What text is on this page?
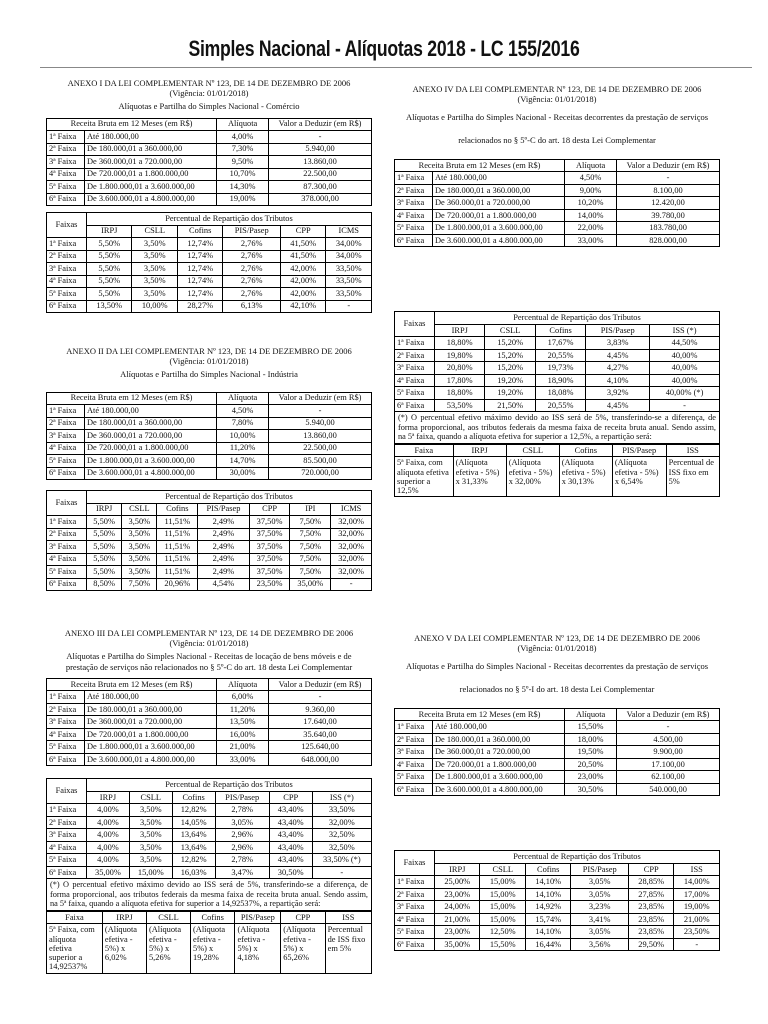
Simples Nacional - Alíquotas 2018 - LC 155/2016
ANEXO I DA LEI COMPLEMENTAR Nº 123, DE 14 DE DEZEMBRO DE 2006
(Vigência: 01/01/2018)
Alíquotas e Partilha do Simples Nacional - Comércio
Receita Bruta em 12 Meses (em R$)		Alíquota	Valor a Deduzir (em R$)
1ª Faixa	Até 180.000,00	4,00%	-
2ª Faixa	De 180.000,01 a 360.000,00	7,30%	5.940,00
3ª Faixa	De 360.000,01 a 720.000,00	9,50%	13.860,00
4ª Faixa	De 720.000,01 a 1.800.000,00	10,70%	22.500,00
5ª Faixa	De 1.800.000,01 a 3.600.000,00	14,30%	87.300,00
6ª Faixa	De 3.600.000,01 a 4.800.000,00	19,00%	378.000,00
Faixas	Percentual de Repartição dos Tributos					
	IRPJ	CSLL	Cofins	PIS/Pasep	CPP	ICMS
1ª Faixa	5,50%	3,50%	12,74%	2,76%	41,50%	34,00%
2ª Faixa	5,50%	3,50%	12,74%	2,76%	41,50%	34,00%
3ª Faixa	5,50%	3,50%	12,74%	2,76%	42,00%	33,50%
4ª Faixa	5,50%	3,50%	12,74%	2,76%	42,00%	33,50%
5ª Faixa	5,50%	3,50%	12,74%	2,76%	42,00%	33,50%
6ª Faixa	13,50%	10,00%	28,27%	6,13%	42,10%	-
ANEXO II DA LEI COMPLEMENTAR Nº 123, DE 14 DE DEZEMBRO DE 2006
(Vigência: 01/01/2018)
Alíquotas e Partilha do Simples Nacional - Indústria
Receita Bruta em 12 Meses (em R$)		Alíquota	Valor a Deduzir (em R$)
1ª Faixa	Até 180.000,00	4,50%	-
2ª Faixa	De 180.000,01 a 360.000,00	7,80%	5.940,00
3ª Faixa	De 360.000,01 a 720.000,00	10,00%	13.860,00
4ª Faixa	De 720.000,01 a 1.800.000,00	11,20%	22.500,00
5ª Faixa	De 1.800.000,01 a 3.600.000,00	14,70%	85.500,00
6ª Faixa	De 3.600.000,01 a 4.800.000,00	30,00%	720.000,00
Faixas	Percentual de Repartição dos Tributos						
	IRPJ	CSLL	Cofins	PIS/Pasep	CPP	IPI	ICMS
1ª Faixa	5,50%	3,50%	11,51%	2,49%	37,50%	7,50%	32,00%
2ª Faixa	5,50%	3,50%	11,51%	2,49%	37,50%	7,50%	32,00%
3ª Faixa	5,50%	3,50%	11,51%	2,49%	37,50%	7,50%	32,00%
4ª Faixa	5,50%	3,50%	11,51%	2,49%	37,50%	7,50%	32,00%
5ª Faixa	5,50%	3,50%	11,51%	2,49%	37,50%	7,50%	32,00%
6ª Faixa	8,50%	7,50%	20,96%	4,54%	23,50%	35,00%	-
ANEXO III DA LEI COMPLEMENTAR Nº 123, DE 14 DE DEZEMBRO DE 2006
(Vigência: 01/01/2018)
Alíquotas e Partilha do Simples Nacional - Receitas de locação de bens móveis e de prestação de serviços não relacionados no § 5º-C do art. 18 desta Lei Complementar
Receita Bruta em 12 Meses (em R$)		Alíquota	Valor a Deduzir (em R$)
1ª Faixa	Até 180.000,00	6,00%	-
2ª Faixa	De 180.000,01 a 360.000,00	11,20%	9.360,00
3ª Faixa	De 360.000,01 a 720.000,00	13,50%	17.640,00
4ª Faixa	De 720.000,01 a 1.800.000,00	16,00%	35.640,00
5ª Faixa	De 1.800.000,01 a 3.600.000,00	21,00%	125.640,00
6ª Faixa	De 3.600.000,01 a 4.800.000,00	33,00%	648.000,00
Faixas	Percentual de Repartição dos Tributos					
	IRPJ	CSLL	Cofins	PIS/Pasep	CPP	ISS (*)
1ª Faixa	4,00%	3,50%	12,82%	2,78%	43,40%	33,50%
2ª Faixa	4,00%	3,50%	14,05%	3,05%	43,40%	32,00%
3ª Faixa	4,00%	3,50%	13,64%	2,96%	43,40%	32,50%
4ª Faixa	4,00%	3,50%	13,64%	2,96%	43,40%	32,50%
5ª Faixa	4,00%	3,50%	12,82%	2,78%	43,40%	33,50% (*)
6ª Faixa	35,00%	15,00%	16,03%	3,47%	30,50%	-
(*) O percentual efetivo máximo devido ao ISS será de 5%, transferindo-se a diferença, de forma proporcional, aos tributos federais da mesma faixa de receita bruta anual. Sendo assim, na 5ª faixa, quando a alíquota efetiva for superior a 14,92537%, a repartição será:
Faixa	IRPJ	CSLL	Cofins	PIS/Pasep	CPP	ISS
5ª Faixa, com alíquota efetiva superior a 14,92537%	(Alíquota efetiva - 5%) x 6,02%	(Alíquota efetiva - 5%) x 5,26%	(Alíquota efetiva - 5%) x 19,28%	(Alíquota efetiva - 5%) x 4,18%	(Alíquota efetiva - 5%) x 65,26%	Percentual de ISS fixo em 5%
ANEXO IV DA LEI COMPLEMENTAR Nº 123, DE 14 DE DEZEMBRO DE 2006
(Vigência: 01/01/2018)
Alíquotas e Partilha do Simples Nacional - Receitas decorrentes da prestação de serviços
relacionados no § 5º-C do art. 18 desta Lei Complementar
Receita Bruta em 12 Meses (em R$)		Alíquota	Valor a Deduzir (em R$)
1ª Faixa	Até 180.000,00	4,50%	-
2ª Faixa	De 180.000,01 a 360.000,00	9,00%	8.100,00
3ª Faixa	De 360.000,01 a 720.000,00	10,20%	12.420,00
4ª Faixa	De 720.000,01 a 1.800.000,00	14,00%	39.780,00
5ª Faixa	De 1.800.000,01 a 3.600.000,00	22,00%	183.780,00
6ª Faixa	De 3.600.000,01 a 4.800.000,00	33,00%	828.000,00
Faixas	Percentual de Repartição dos Tributos				
	IRPJ	CSLL	Cofins	PIS/Pasep	ISS (*)
1ª Faixa	18,80%	15,20%	17,67%	3,83%	44,50%
2ª Faixa	19,80%	15,20%	20,55%	4,45%	40,00%
3ª Faixa	20,80%	15,20%	19,73%	4,27%	40,00%
4ª Faixa	17,80%	19,20%	18,90%	4,10%	40,00%
5ª Faixa	18,80%	19,20%	18,08%	3,92%	40,00% (*)
6ª Faixa	53,50%	21,50%	20,55%	4,45%	-
(*) O percentual efetivo máximo devido ao ISS será de 5%, transferindo-se a diferença, de forma proporcional, aos tributos federais da mesma faixa de receita bruta anual. Sendo assim, na 5ª faixa, quando a alíquota efetiva for superior a 12,5%, a repartição será:
Faixa	IRPJ	CSLL	Cofins	PIS/Pasep	ISS
5ª Faixa, com alíquota efetiva superior a 12,5%	(Alíquota efetiva - 5%) x 31,33%	(Alíquota efetiva - 5%) x 32,00%	(Alíquota efetiva - 5%) x 30,13%	(Alíquota efetiva - 5%) x 6,54%	Percentual de ISS fixo em 5%
ANEXO V DA LEI COMPLEMENTAR Nº 123, DE 14 DE DEZEMBRO DE 2006
(Vigência: 01/01/2018)
Alíquotas e Partilha do Simples Nacional - Receitas decorrentes da prestação de serviços
relacionados no § 5º-I do art. 18 desta Lei Complementar
Receita Bruta em 12 Meses (em R$)		Alíquota	Valor a Deduzir (em R$)
1ª Faixa	Até 180.000,00	15,50%	-
2ª Faixa	De 180.000,01 a 360.000,00	18,00%	4.500,00
3ª Faixa	De 360.000,01 a 720.000,00	19,50%	9.900,00
4ª Faixa	De 720.000,01 a 1.800.000,00	20,50%	17.100,00
5ª Faixa	De 1.800.000,01 a 3.600.000,00	23,00%	62.100,00
6ª Faixa	De 3.600.000,01 a 4.800.000,00	30,50%	540.000,00
Faixas	Percentual de Repartição dos Tributos					
	IRPJ	CSLL	Cofins	PIS/Pasep	CPP	ISS
1ª Faixa	25,00%	15,00%	14,10%	3,05%	28,85%	14,00%
2ª Faixa	23,00%	15,00%	14,10%	3,05%	27,85%	17,00%
3ª Faixa	24,00%	15,00%	14,92%	3,23%	23,85%	19,00%
4ª Faixa	21,00%	15,00%	15,74%	3,41%	23,85%	21,00%
5ª Faixa	23,00%	12,50%	14,10%	3,05%	23,85%	23,50%
6ª Faixa	35,00%	15,50%	16,44%	3,56%	29,50%	-
